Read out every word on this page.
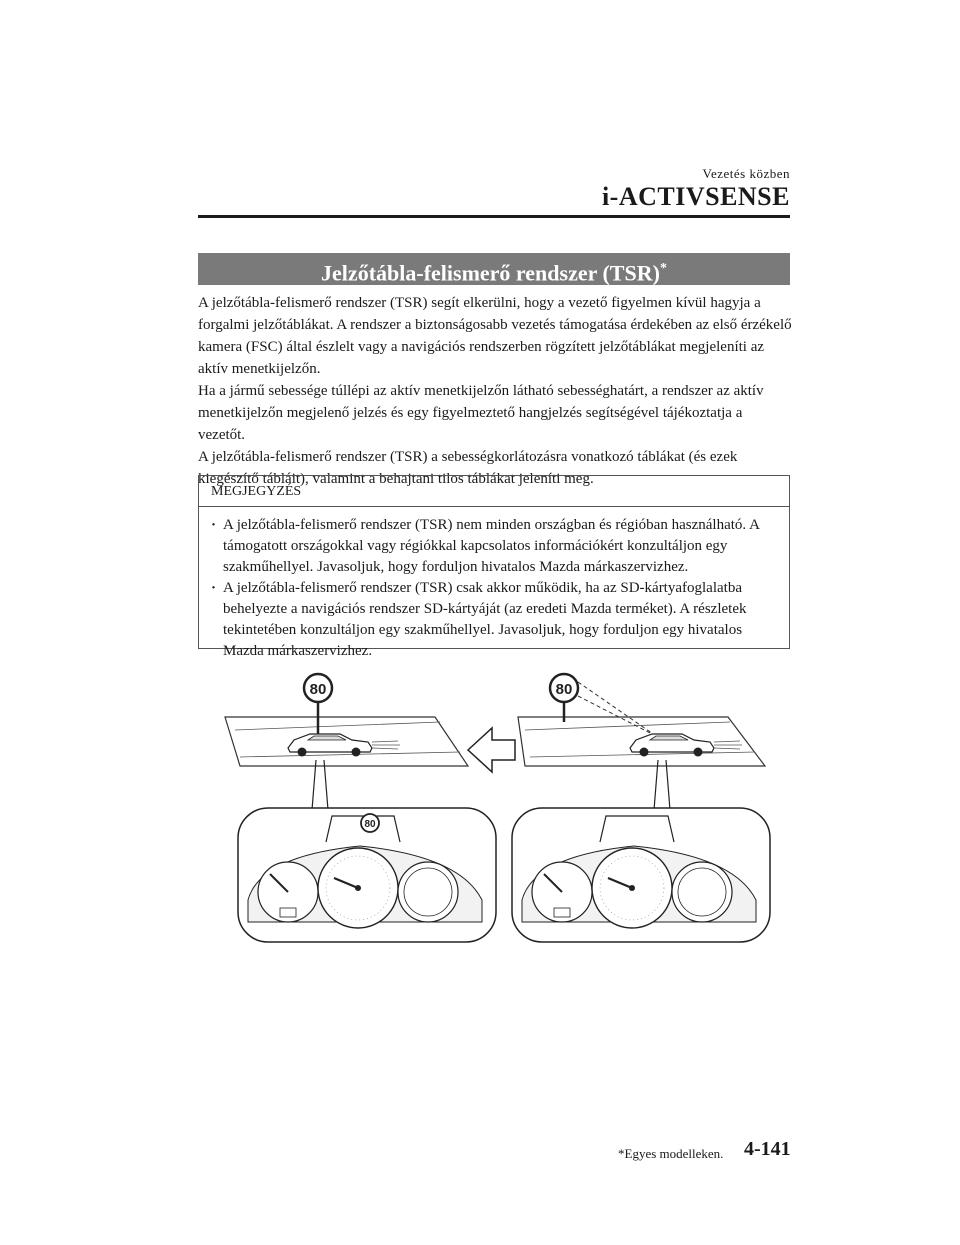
Vezetés közben
i-ACTIVSENSE
Jelzőtábla-felismerő rendszer (TSR)*

A jelzőtábla-felismerő rendszer (TSR) segít elkerülni, hogy a vezető figyelmen kívül hagyja a forgalmi jelzőtáblákat. A rendszer a biztonságosabb vezetés támogatása érdekében az első érzékelő kamera (FSC) által észlelt vagy a navigációs rendszerben rögzített jelzőtáblákat megjeleníti az aktív menetkijelzőn.

Ha a jármű sebessége túllépi az aktív menetkijelzőn látható sebességhatárt, a rendszer az aktív menetkijelzőn megjelenő jelzés és egy figyelmeztető hangjelzés segítségével tájékoztatja a vezetőt.

A jelzőtábla-felismerő rendszer (TSR) a sebességkorlátozásra vonatkozó táblákat (és ezek kiegészítő tábláit), valamint a behajtani tilos táblákat jeleníti meg.

MEGJEGYZÉS
· A jelzőtábla-felismerő rendszer (TSR) nem minden országban és régióban használható. A támogatott országokkal vagy régiókkal kapcsolatos információkért konzultáljon egy szakműhellyel. Javasoljuk, hogy forduljon hivatalos Mazda márkaszervizhez.
· A jelzőtábla-felismerő rendszer (TSR) csak akkor működik, ha az SD-kártyafoglalatba behelyezte a navigációs rendszer SD-kártyáját (az eredeti Mazda terméket). A részletek tekintetében konzultáljon egy szakműhellyel. Javasoljuk, hogy forduljon egy hivatalos Mazda márkaszervizhez.
80	80
80
*Egyes modelleken. 4-141
